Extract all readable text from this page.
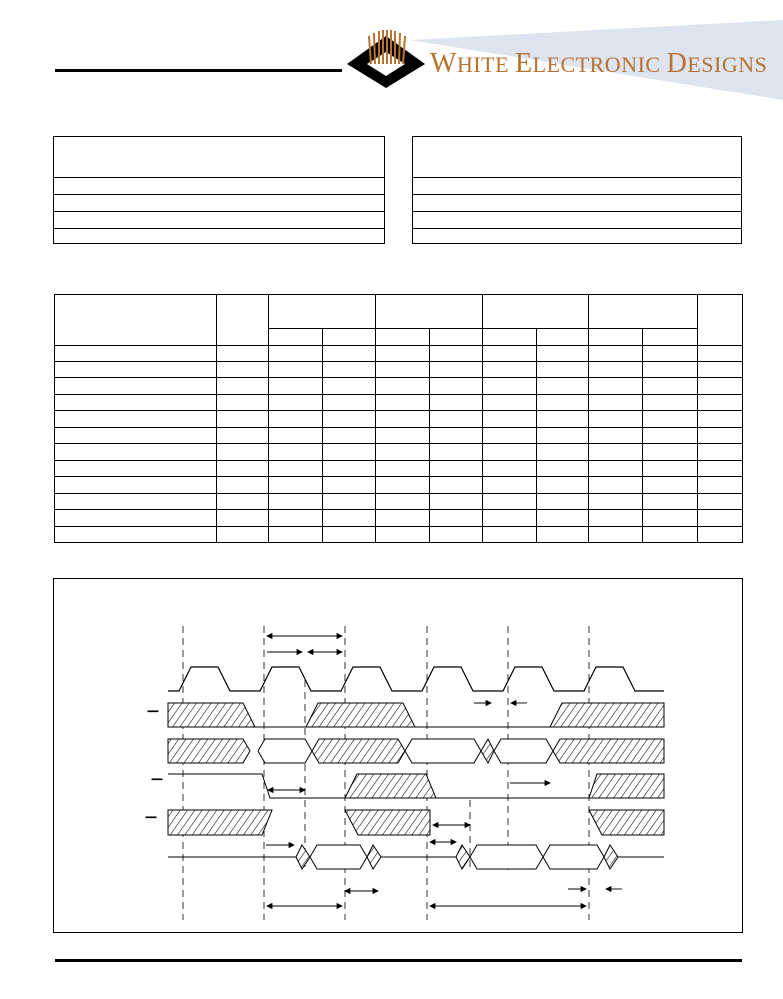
WHITE ELECTRONIC DESIGNS

—
—
—
